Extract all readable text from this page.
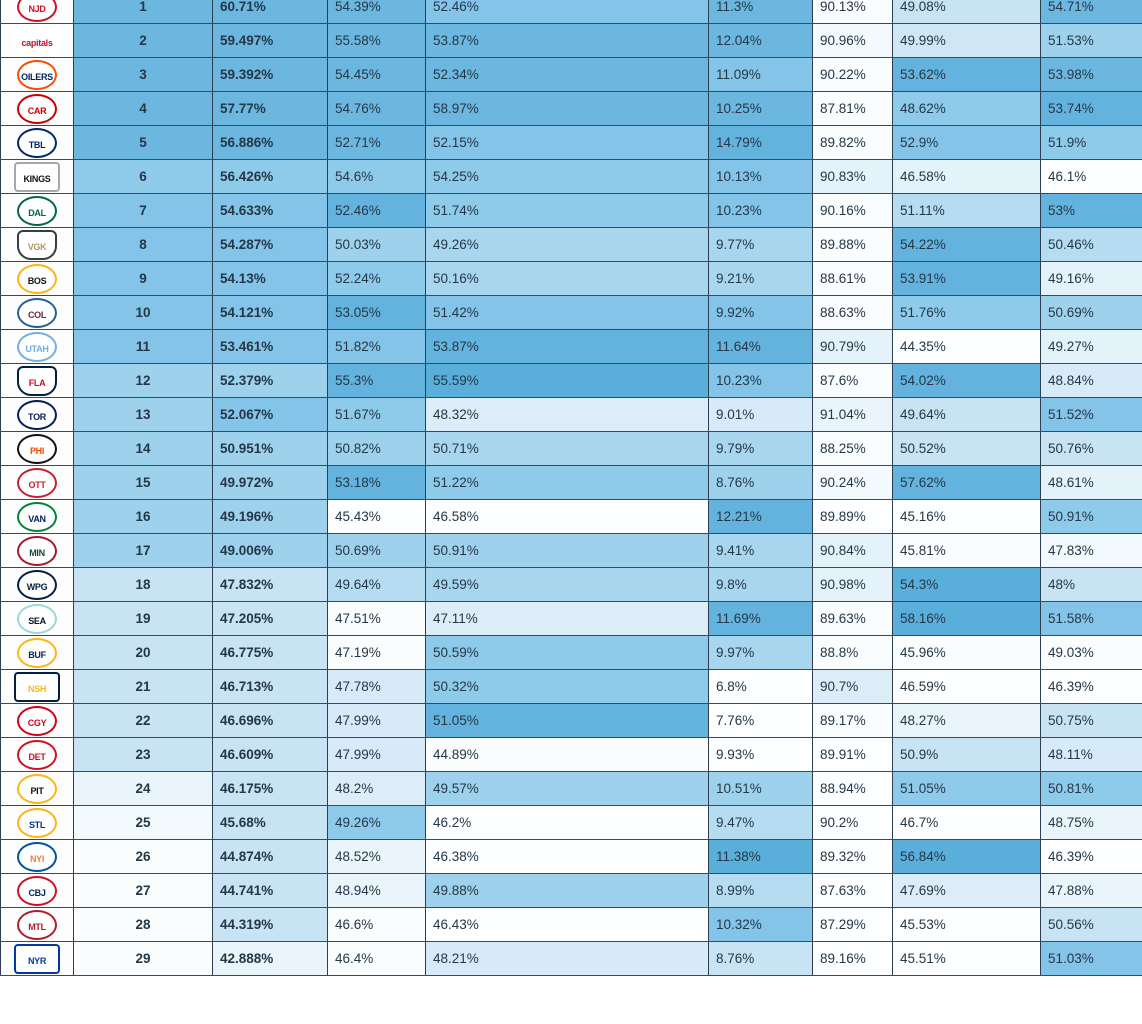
NJD	1	60.71%	54.39%	52.46%	11.3%	90.13%	49.08%	54.71%

capitals	2	59.497%	55.58%	53.87%	12.04%	90.96%	49.99%	51.53%

OILERS	3	59.392%	54.45%	52.34%	11.09%	90.22%	53.62%	53.98%

CAR	4	57.77%	54.76%	58.97%	10.25%	87.81%	48.62%	53.74%

TBL	5	56.886%	52.71%	52.15%	14.79%	89.82%	52.9%	51.9%

KINGS	6	56.426%	54.6%	54.25%	10.13%	90.83%	46.58%	46.1%

DAL	7	54.633%	52.46%	51.74%	10.23%	90.16%	51.11%	53%

VGK	8	54.287%	50.03%	49.26%	9.77%	89.88%	54.22%	50.46%

BOS	9	54.13%	52.24%	50.16%	9.21%	88.61%	53.91%	49.16%

COL	10	54.121%	53.05%	51.42%	9.92%	88.63%	51.76%	50.69%

UTAH	11	53.461%	51.82%	53.87%	11.64%	90.79%	44.35%	49.27%

FLA	12	52.379%	55.3%	55.59%	10.23%	87.6%	54.02%	48.84%

TOR	13	52.067%	51.67%	48.32%	9.01%	91.04%	49.64%	51.52%

PHI	14	50.951%	50.82%	50.71%	9.79%	88.25%	50.52%	50.76%

OTT	15	49.972%	53.18%	51.22%	8.76%	90.24%	57.62%	48.61%

VAN	16	49.196%	45.43%	46.58%	12.21%	89.89%	45.16%	50.91%

MIN	17	49.006%	50.69%	50.91%	9.41%	90.84%	45.81%	47.83%

WPG	18	47.832%	49.64%	49.59%	9.8%	90.98%	54.3%	48%

SEA	19	47.205%	47.51%	47.11%	11.69%	89.63%	58.16%	51.58%

BUF	20	46.775%	47.19%	50.59%	9.97%	88.8%	45.96%	49.03%

NSH	21	46.713%	47.78%	50.32%	6.8%	90.7%	46.59%	46.39%

CGY	22	46.696%	47.99%	51.05%	7.76%	89.17%	48.27%	50.75%

DET	23	46.609%	47.99%	44.89%	9.93%	89.91%	50.9%	48.11%

PIT	24	46.175%	48.2%	49.57%	10.51%	88.94%	51.05%	50.81%

STL	25	45.68%	49.26%	46.2%	9.47%	90.2%	46.7%	48.75%

NYI	26	44.874%	48.52%	46.38%	11.38%	89.32%	56.84%	46.39%

CBJ	27	44.741%	48.94%	49.88%	8.99%	87.63%	47.69%	47.88%

MTL	28	44.319%	46.6%	46.43%	10.32%	87.29%	45.53%	50.56%

NYR	29	42.888%	46.4%	48.21%	8.76%	89.16%	45.51%	51.03%
